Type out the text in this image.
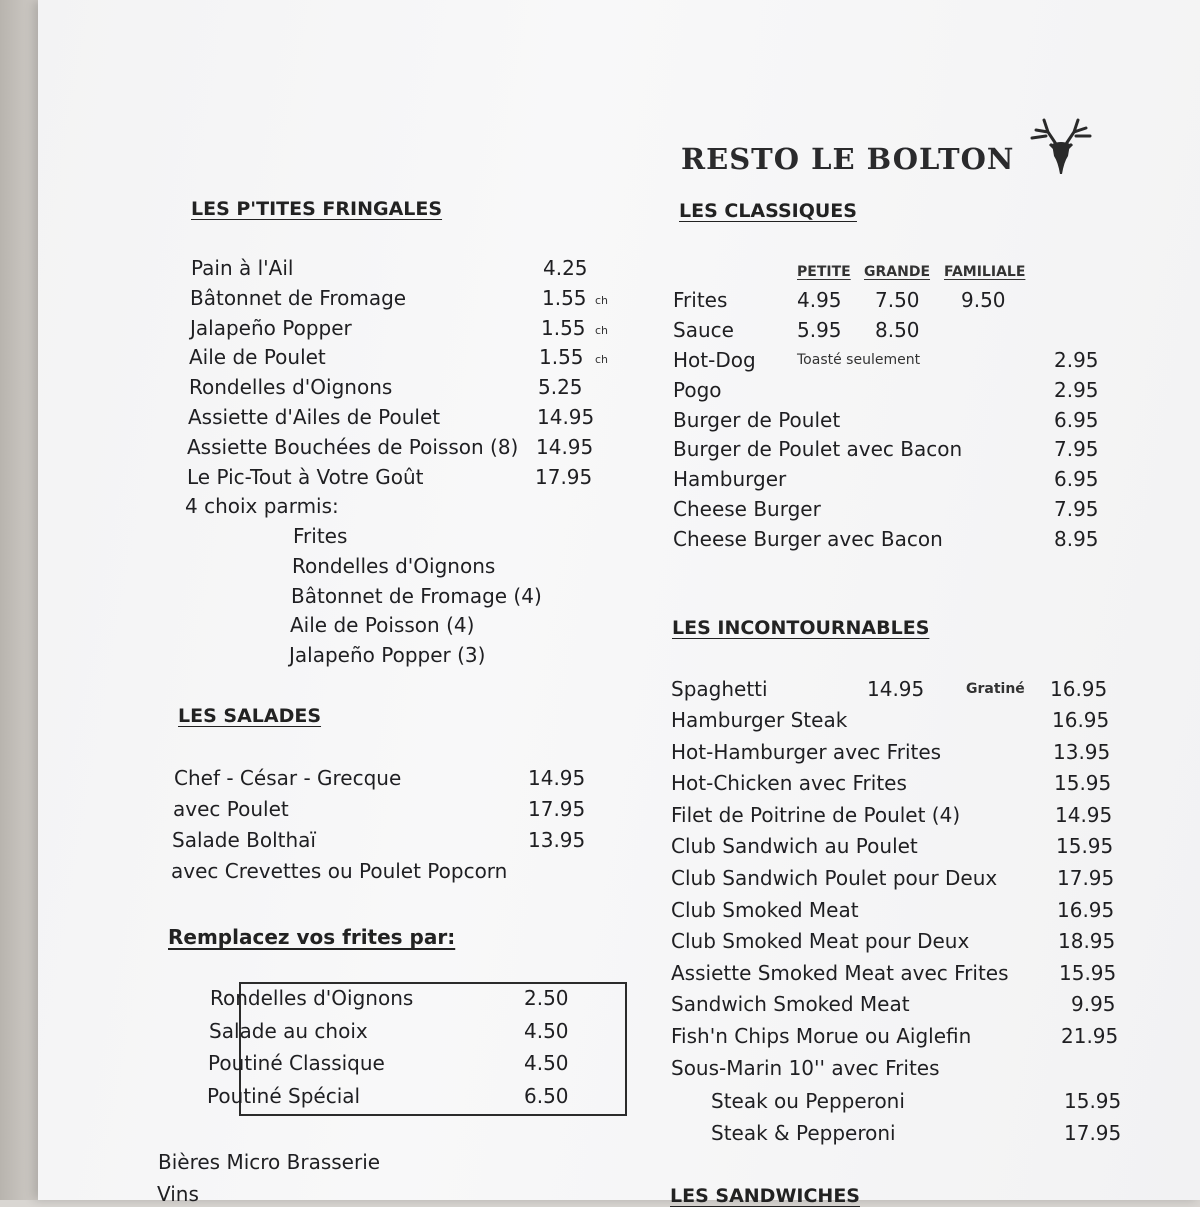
RESTO LE BOLTON
LES P'TITES FRINGALES
4 choix parmis:
LES SALADES
Remplacez vos frites par:
LES CLASSIQUES
PETITE GRANDE FAMILIALE
LES INCONTOURNABLES
Spaghetti	14.95	Gratiné 16.95
LES SANDWICHES
Pain à l'Ail	4.25
Bâtonnet de Fromage	1.55 ch
Jalapeño Popper	1.55 ch
Aile de Poulet	1.55 ch
Rondelles d'Oignons	5.25
Assiette d'Ailes de Poulet	14.95
Assiette Bouchées de Poisson (8) 14.95
Le Pic-Tout à Votre Goût	17.95
Frites
Rondelles d'Oignons
Bâtonnet de Fromage (4)
Aile de Poisson (4)
Jalapeño Popper (3)
Chef - César - Grecque	14.95
avec Poulet	17.95
Salade Bolthaï	13.95
avec Crevettes ou Poulet Popcorn
Rondelles d'Oignons	2.50
Salade au choix	4.50
Poutiné Classique	4.50
Poutiné Spécial	6.50
Bières Micro Brasserie
Vins
Frites	4.95 7.50 9.50
Sauce	5.95 8.50
Hot-Dog	Toasté seulement	2.95
Pogo	2.95
Burger de Poulet	6.95
Burger de Poulet avec Bacon	7.95
Hamburger	6.95
Cheese Burger	7.95
Cheese Burger avec Bacon	8.95
Hamburger Steak	16.95
Hot-Hamburger avec Frites	13.95
Hot-Chicken avec Frites	15.95
Filet de Poitrine de Poulet (4)	14.95
Club Sandwich au Poulet	15.95
Club Sandwich Poulet pour Deux	17.95
Club Smoked Meat	16.95
Club Smoked Meat pour Deux	18.95
Assiette Smoked Meat avec Frites	15.95
Sandwich Smoked Meat	9.95
Fish'n Chips Morue ou Aiglefin	21.95
Sous-Marin 10'' avec Frites
Steak ou Pepperoni	15.95
Steak & Pepperoni	17.95
